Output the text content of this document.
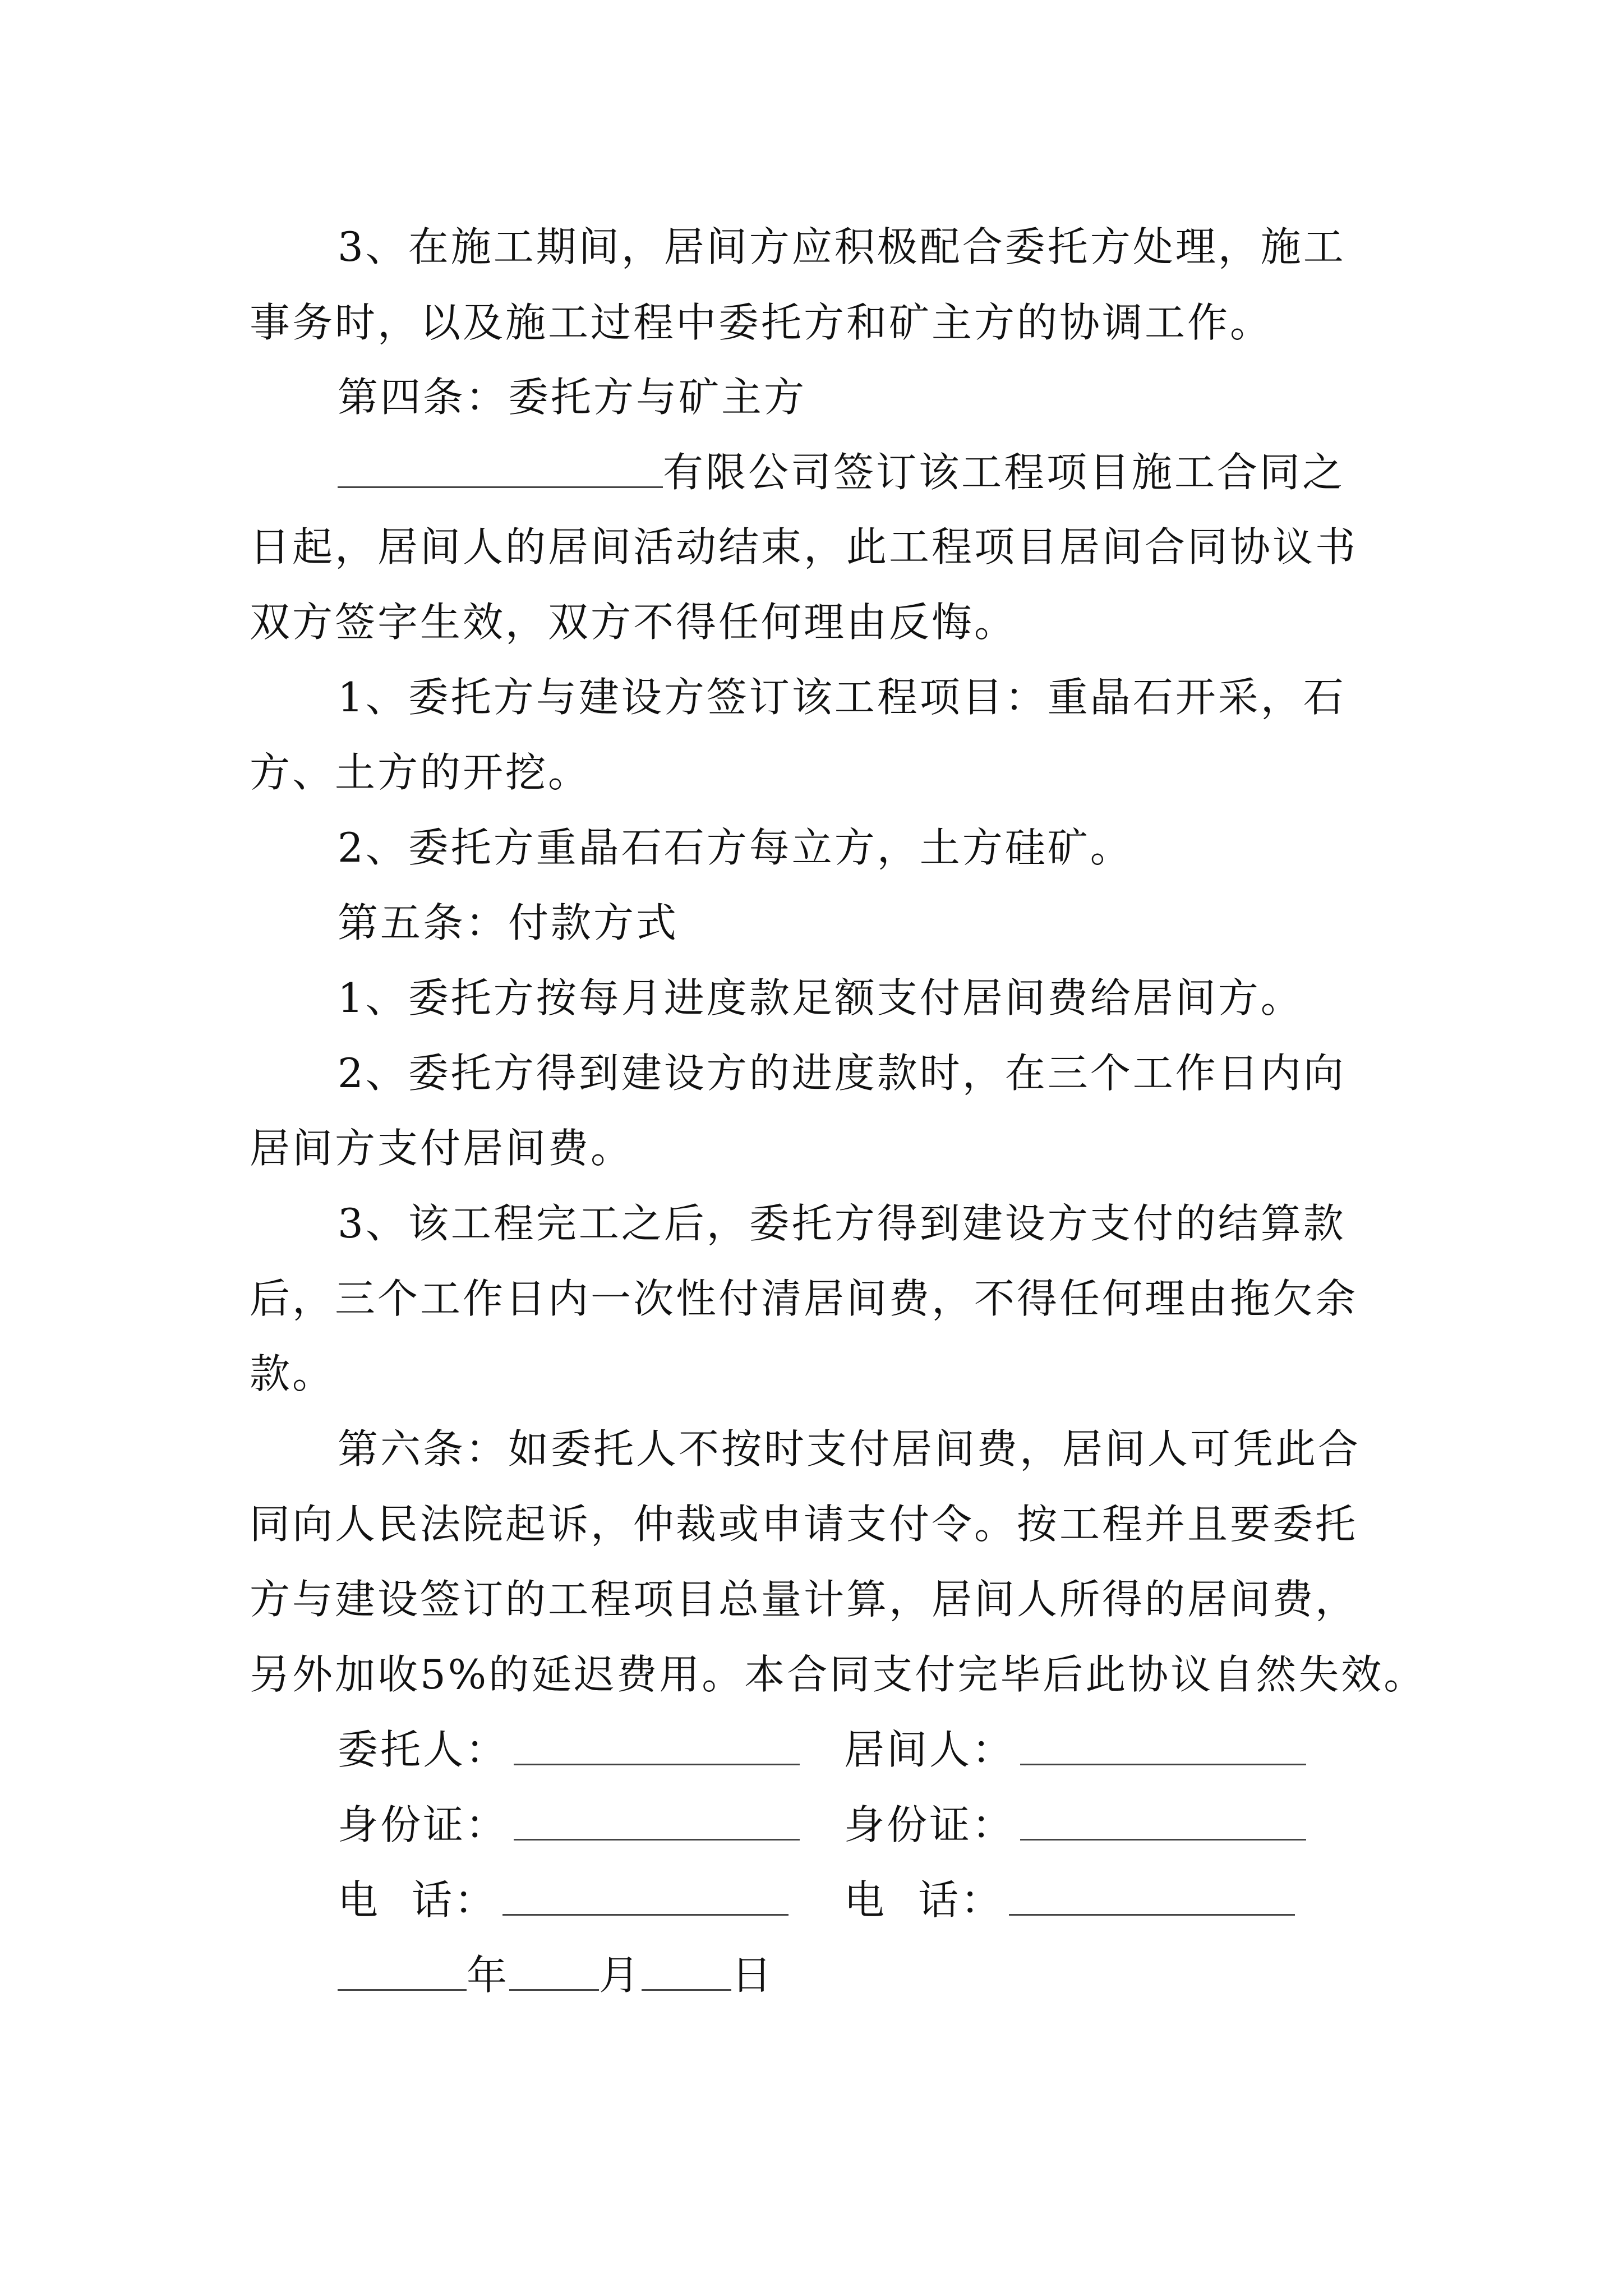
3、在施工期间，居间方应积极配合委托方处理，施工
事务时，以及施工过程中委托方和矿主方的协调工作。
第四条：委托方与矿主方
有限公司签订该工程项目施工合同之
日起，居间人的居间活动结束，此工程项目居间合同协议书
双方签字生效，双方不得任何理由反悔。
1、委托方与建设方签订该工程项目：重晶石开采，石
方、土方的开挖。
2、委托方重晶石石方每立方，土方硅矿。
第五条：付款方式
1、委托方按每月进度款足额支付居间费给居间方。
2、委托方得到建设方的进度款时，在三个工作日内向
居间方支付居间费。
3、该工程完工之后，委托方得到建设方支付的结算款
后，三个工作日内一次性付清居间费，不得任何理由拖欠余
款。
第六条：如委托人不按时支付居间费，居间人可凭此合
同向人民法院起诉，仲裁或申请支付令。按工程并且要委托
方与建设签订的工程项目总量计算，居间人所得的居间费，
另外加收5%的延迟费用。本合同支付完毕后此协议自然失效。
委托人：	居间人：
身份证：	身份证：
电话：	电话：
年 月 日
